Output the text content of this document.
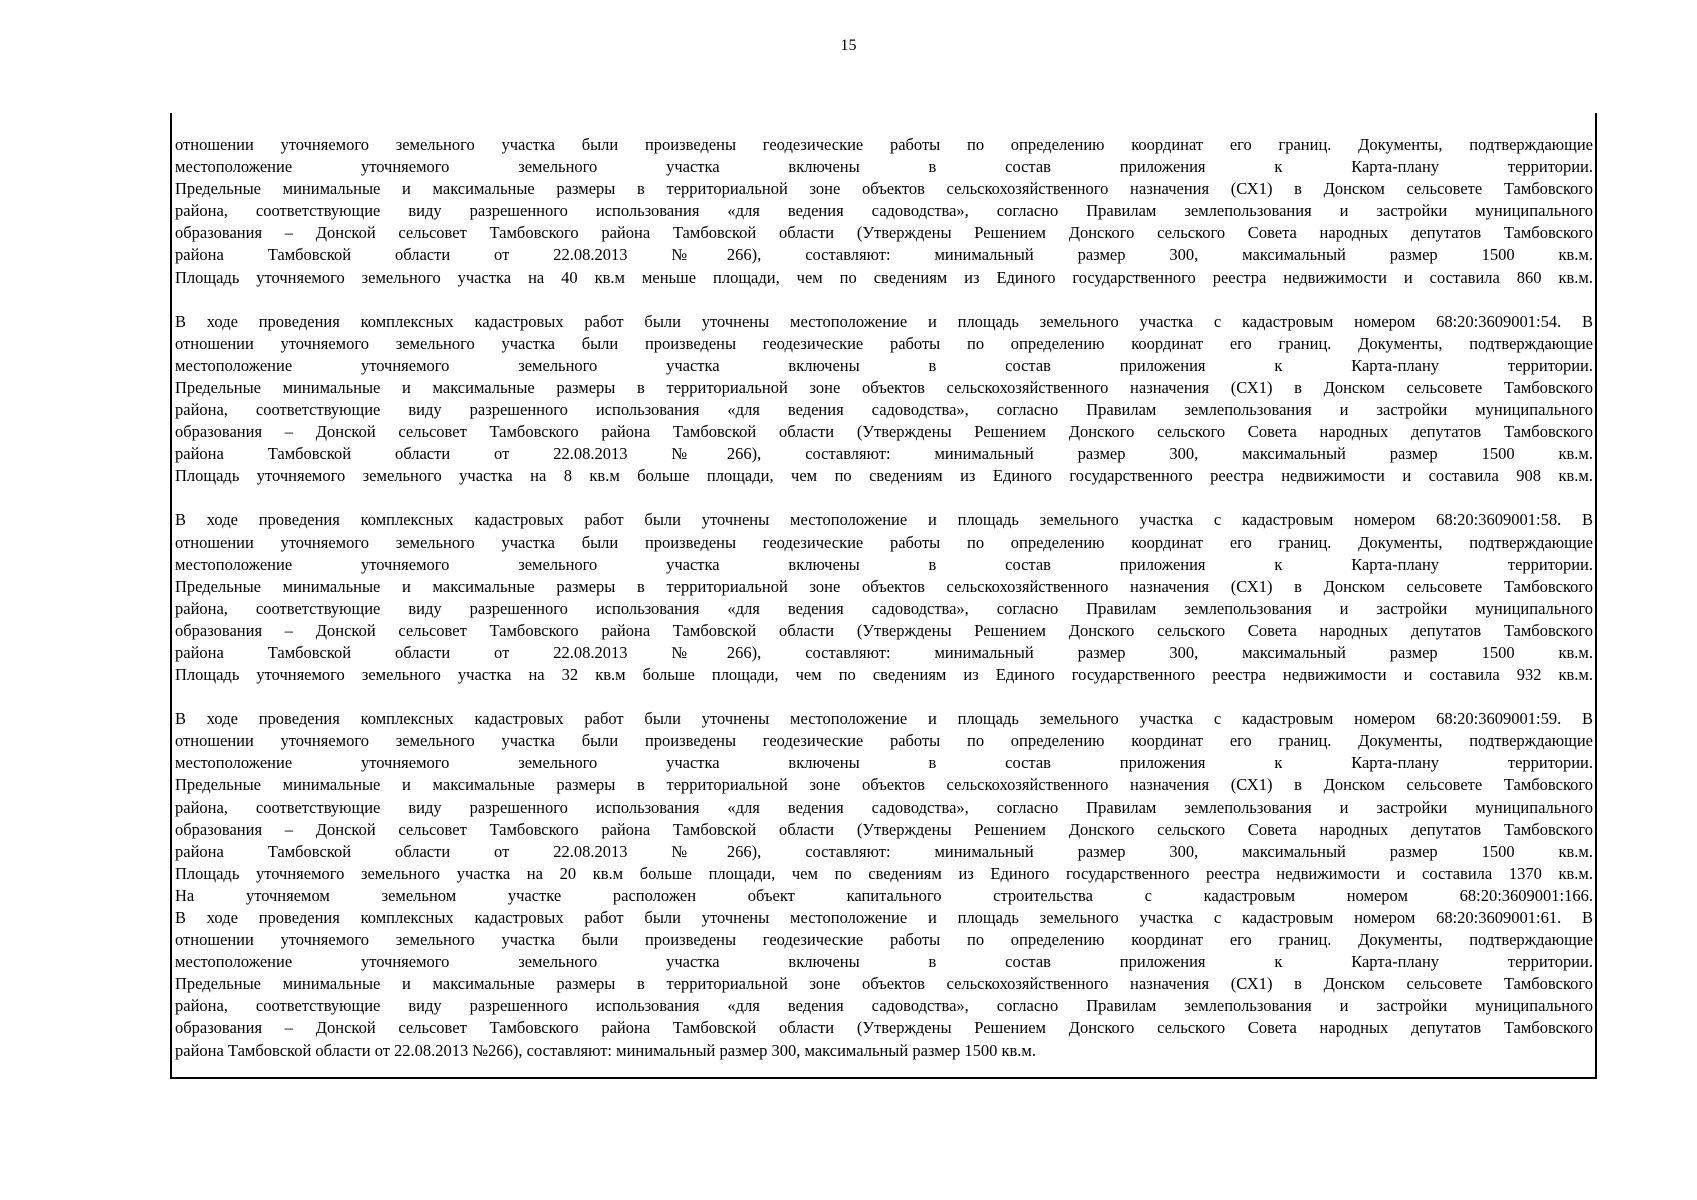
15
отношении уточняемого земельного участка были произведены геодезические работы по определению координат его границ. Документы, подтверждающие
местоположение уточняемого земельного участка включены в состав приложения к Карта-плану территории.
Предельные минимальные и максимальные размеры в территориальной зоне объектов сельскохозяйственного назначения (СХ1) в Донском сельсовете Тамбовского
района, соответствующие виду разрешенного использования «для ведения садоводства», согласно Правилам землепользования и застройки муниципального
образования – Донской сельсовет Тамбовского района Тамбовской области (Утверждены Решением Донского сельского Совета народных депутатов Тамбовского
района Тамбовской области от 22.08.2013 №266), составляют: минимальный размер 300, максимальный размер 1500 кв.м.
Площадь уточняемого земельного участка на 40 кв.м меньше площади, чем по сведениям из Единого государственного реестра недвижимости и составила 860 кв.м.
В ходе проведения комплексных кадастровых работ были уточнены местоположение и площадь земельного участка с кадастровым номером 68:20:3609001:54. В
отношении уточняемого земельного участка были произведены геодезические работы по определению координат его границ. Документы, подтверждающие
местоположение уточняемого земельного участка включены в состав приложения к Карта-плану территории.
Предельные минимальные и максимальные размеры в территориальной зоне объектов сельскохозяйственного назначения (СХ1) в Донском сельсовете Тамбовского
района, соответствующие виду разрешенного использования «для ведения садоводства», согласно Правилам землепользования и застройки муниципального
образования – Донской сельсовет Тамбовского района Тамбовской области (Утверждены Решением Донского сельского Совета народных депутатов Тамбовского
района Тамбовской области от 22.08.2013 №266), составляют: минимальный размер 300, максимальный размер 1500 кв.м.
Площадь уточняемого земельного участка на 8 кв.м больше площади, чем по сведениям из Единого государственного реестра недвижимости и составила 908 кв.м.
В ходе проведения комплексных кадастровых работ были уточнены местоположение и площадь земельного участка с кадастровым номером 68:20:3609001:58. В
отношении уточняемого земельного участка были произведены геодезические работы по определению координат его границ. Документы, подтверждающие
местоположение уточняемого земельного участка включены в состав приложения к Карта-плану территории.
Предельные минимальные и максимальные размеры в территориальной зоне объектов сельскохозяйственного назначения (СХ1) в Донском сельсовете Тамбовского
района, соответствующие виду разрешенного использования «для ведения садоводства», согласно Правилам землепользования и застройки муниципального
образования – Донской сельсовет Тамбовского района Тамбовской области (Утверждены Решением Донского сельского Совета народных депутатов Тамбовского
района Тамбовской области от 22.08.2013 №266), составляют: минимальный размер 300, максимальный размер 1500 кв.м.
Площадь уточняемого земельного участка на 32 кв.м больше площади, чем по сведениям из Единого государственного реестра недвижимости и составила 932 кв.м.
В ходе проведения комплексных кадастровых работ были уточнены местоположение и площадь земельного участка с кадастровым номером 68:20:3609001:59. В
отношении уточняемого земельного участка были произведены геодезические работы по определению координат его границ. Документы, подтверждающие
местоположение уточняемого земельного участка включены в состав приложения к Карта-плану территории.
Предельные минимальные и максимальные размеры в территориальной зоне объектов сельскохозяйственного назначения (СХ1) в Донском сельсовете Тамбовского
района, соответствующие виду разрешенного использования «для ведения садоводства», согласно Правилам землепользования и застройки муниципального
образования – Донской сельсовет Тамбовского района Тамбовской области (Утверждены Решением Донского сельского Совета народных депутатов Тамбовского
района Тамбовской области от 22.08.2013 №266), составляют: минимальный размер 300, максимальный размер 1500 кв.м.
Площадь уточняемого земельного участка на 20 кв.м больше площади, чем по сведениям из Единого государственного реестра недвижимости и составила 1370 кв.м.
На уточняемом земельном участке расположен объект капитального строительства с кадастровым номером 68:20:3609001:166.
В ходе проведения комплексных кадастровых работ были уточнены местоположение и площадь земельного участка с кадастровым номером 68:20:3609001:61. В
отношении уточняемого земельного участка были произведены геодезические работы по определению координат его границ. Документы, подтверждающие
местоположение уточняемого земельного участка включены в состав приложения к Карта-плану территории.
Предельные минимальные и максимальные размеры в территориальной зоне объектов сельскохозяйственного назначения (СХ1) в Донском сельсовете Тамбовского
района, соответствующие виду разрешенного использования «для ведения садоводства», согласно Правилам землепользования и застройки муниципального
образования – Донской сельсовет Тамбовского района Тамбовской области (Утверждены Решением Донского сельского Совета народных депутатов Тамбовского
района Тамбовской области от 22.08.2013 №266), составляют: минимальный размер 300, максимальный размер 1500 кв.м.
